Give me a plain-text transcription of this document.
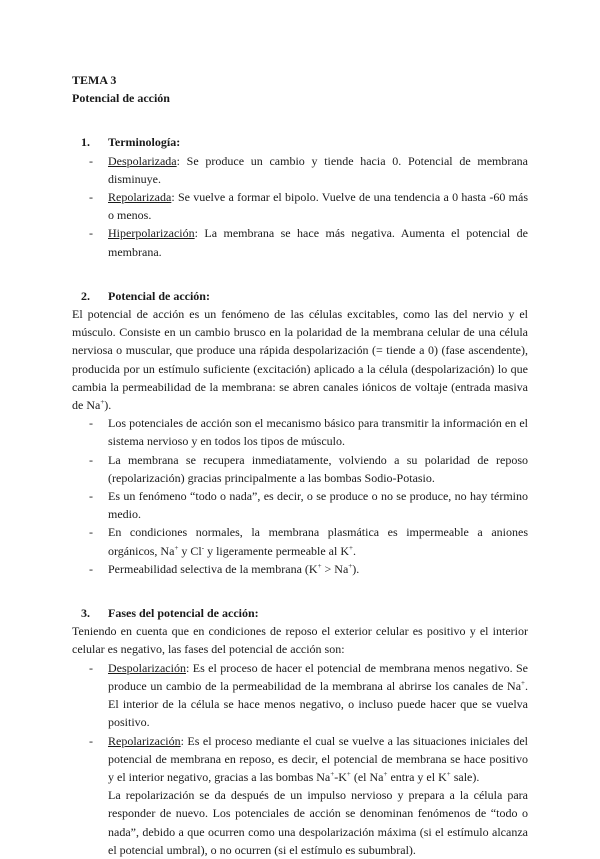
TEMA 3
Potencial de acción
1. Terminología:
- Despolarizada: Se produce un cambio y tiende hacia 0. Potencial de membrana disminuye.
- Repolarizada: Se vuelve a formar el bipolo. Vuelve de una tendencia a 0 hasta -60 más o menos.
- Hiperpolarización: La membrana se hace más negativa. Aumenta el potencial de membrana.
2. Potencial de acción:
El potencial de acción es un fenómeno de las células excitables, como las del nervio y el músculo. Consiste en un cambio brusco en la polaridad de la membrana celular de una célula nerviosa o muscular, que produce una rápida despolarización (= tiende a 0) (fase ascendente), producida por un estímulo suficiente (excitación) aplicado a la célula (despolarización) lo que cambia la permeabilidad de la membrana: se abren canales iónicos de voltaje (entrada masiva de Na+).
- Los potenciales de acción son el mecanismo básico para transmitir la información en el sistema nervioso y en todos los tipos de músculo.
- La membrana se recupera inmediatamente, volviendo a su polaridad de reposo (repolarización) gracias principalmente a las bombas Sodio-Potasio.
- Es un fenómeno “todo o nada”, es decir, o se produce o no se produce, no hay término medio.
- En condiciones normales, la membrana plasmática es impermeable a aniones orgánicos, Na+ y Cl- y ligeramente permeable al K+.
- Permeabilidad selectiva de la membrana (K+ > Na+).
3. Fases del potencial de acción:
Teniendo en cuenta que en condiciones de reposo el exterior celular es positivo y el interior celular es negativo, las fases del potencial de acción son:
- Despolarización: Es el proceso de hacer el potencial de membrana menos negativo. Se produce un cambio de la permeabilidad de la membrana al abrirse los canales de Na+. El interior de la célula se hace menos negativo, o incluso puede hacer que se vuelva positivo.
- Repolarización: Es el proceso mediante el cual se vuelve a las situaciones iniciales del potencial de membrana en reposo, es decir, el potencial de membrana se hace positivo y el interior negativo, gracias a las bombas Na+-K+ (el Na+ entra y el K+ sale).
La repolarización se da después de un impulso nervioso y prepara a la célula para responder de nuevo. Los potenciales de acción se denominan fenómenos de “todo o nada”, debido a que ocurren como una despolarización máxima (si el estímulo alcanza el potencial umbral), o no ocurren (si el estímulo es subumbral).
